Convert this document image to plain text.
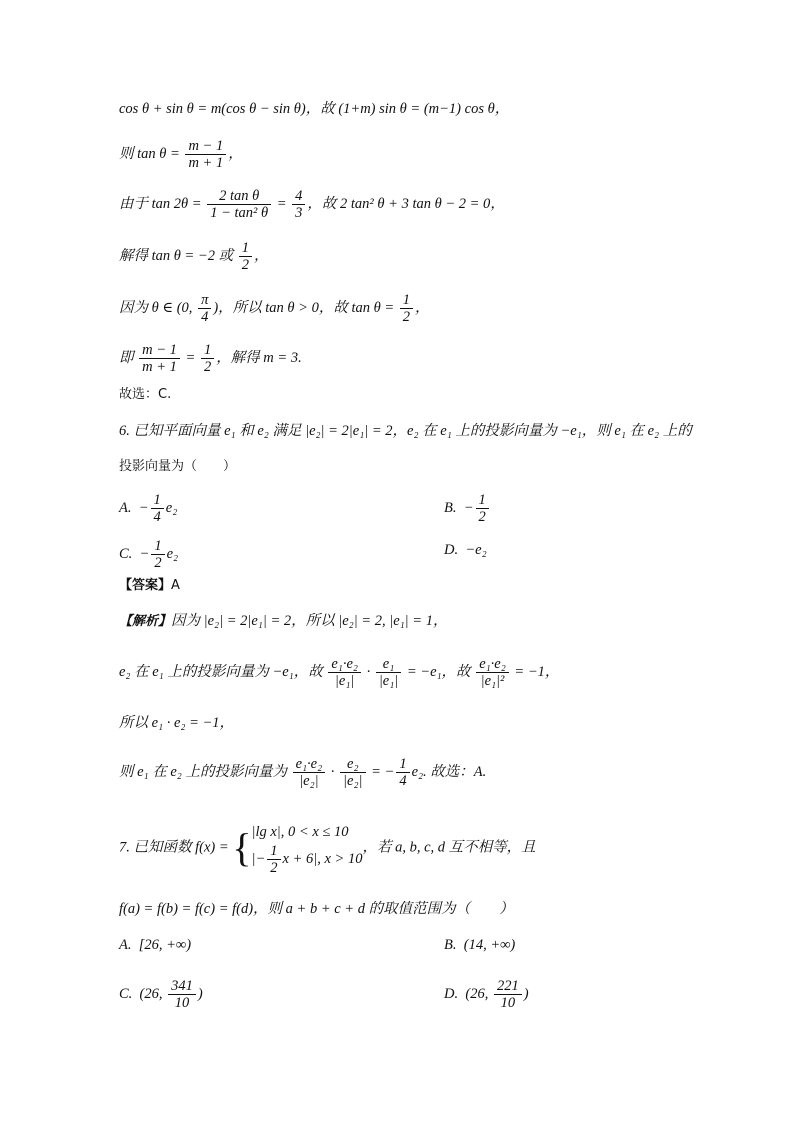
cos θ + sin θ = m(cos θ − sin θ)，故 (1+m) sin θ = (m−1) cos θ，
则 $\tan \theta = \frac{m - 1}{m + 1}$ ，
由于 $\tan 2\theta = \frac{\text{2 tan θ}}{\text{1 − tan² θ}} = \frac{4}{3}$ ，故 2 tan² θ + 3 tan θ − 2 = 0，
解得 tan θ = −2 或 $\frac{1}{2}$ ，
因为 θ ∈ (0, $\frac{\pi}{4}$ )，所以 tan θ > 0，故 $\tan \theta = \frac{1}{2}$ ，
即 $\frac{m - 1}{m + 1} = \frac{1}{2}$ ，解得 m = 3.
故选：C.
6. 已知平面向量 e₁ 和 e₂ 满足 |e₂| = 2|e₁| = 2，e₂ 在 e₁ 上的投影向量为 −e₁，则 e₁ 在 e₂ 上的
投影向量为（　　）
A. − $\frac{1}{4} e_2$	B. − $\frac{1}{2}$
C. − $\frac{1}{2} e_2$	D. −e₂
【答案】A
【解析】因为 |e₂| = 2|e₁| = 2，所以 |e₂| = 2, |e₁| = 1，
e₂ 在 e₁ 上的投影向量为 −e₁，故 $\frac{\text{e₁·e₂}}{\text{|e₁|}} \cdot \frac{\text{e₁}}{\text{|e₁|}} = -e_1$，故 $\frac{\text{e₁·e₂}}{\text{|e₁|²}} = -1$，
所以 e₁ · e₂ = −1，
则 e₁ 在 e₂ 上的投影向量为 $\frac{\text{e₁·e₂}}{\text{|e₂|}} \cdot \frac{\text{e₂}}{\text{|e₂|}}$ = − $\frac{1}{4} e_2$. 故选：A.
7. 已知函数 f(x) = { |lg x|, 0 < x ≤ 10
|− $\frac{1}{2}$ x + 6|, x > 10
，若 a, b, c, d 互不相等，且
f(a) = f(b) = f(c) = f(d)，则 a + b + c + d 的取值范围为（　　）
A. [26, +∞)	B. (14, +∞)
C. (26, $\frac{341}{10}$ )	D. (26, $\frac{221}{10}$ )
